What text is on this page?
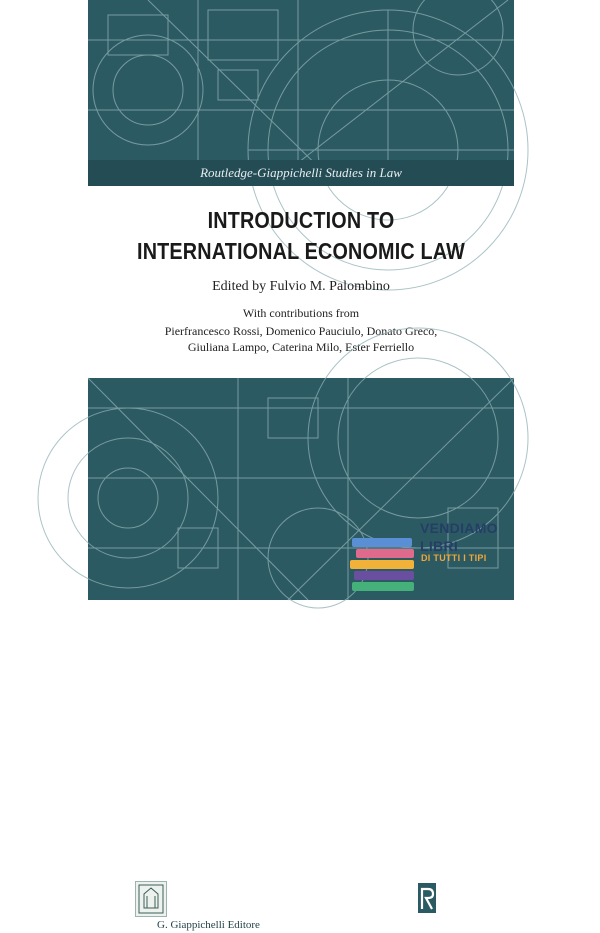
Routledge-Giappichelli Studies in Law
INTRODUCTION TO
INTERNATIONAL ECONOMIC LAW
Edited by Fulvio M. Palombino
With contributions from
Pierfrancesco Rossi, Domenico Pauciulo, Donato Greco,
Giuliana Lampo, Caterina Milo, Ester Ferriello
G. Giappichelli Editore
VENDIAMO
LIBRI
DI TUTTI I TIPI
